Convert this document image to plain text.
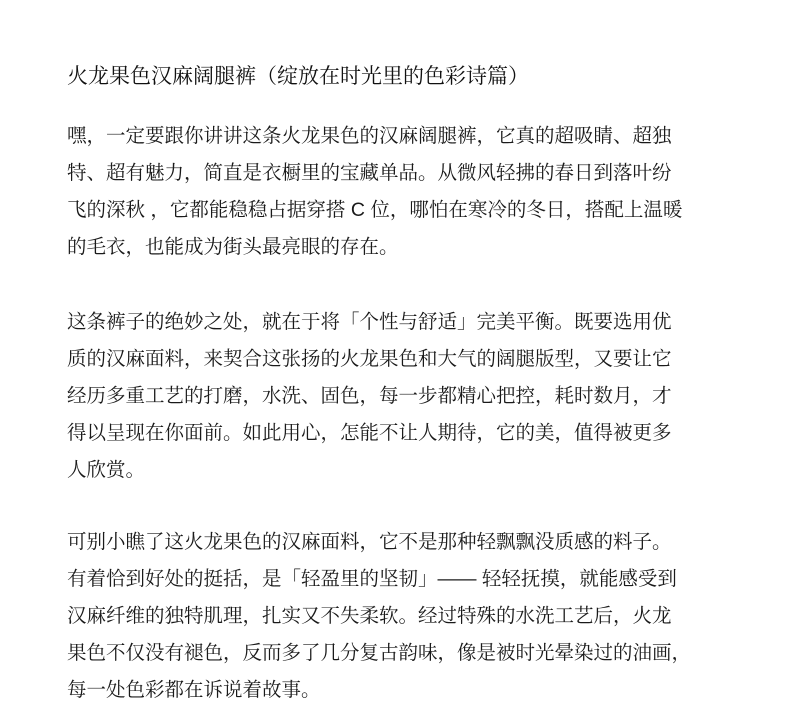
火龙果色汉麻阔腿裤（绽放在时光里的色彩诗篇）
嘿，一定要跟你讲讲这条火龙果色的汉麻阔腿裤，它真的超吸睛、超独
特、超有魅力，简直是衣橱里的宝藏单品。从微风轻拂的春日到落叶纷
飞的深秋 ，它都能稳稳占据穿搭 C 位，哪怕在寒冷的冬日，搭配上温暖
的毛衣，也能成为街头最亮眼的存在。
这条裤子的绝妙之处，就在于将「个性与舒适」完美平衡。既要选用优
质的汉麻面料，来契合这张扬的火龙果色和大气的阔腿版型，又要让它
经历多重工艺的打磨，水洗、固色，每一步都精心把控，耗时数月，才
得以呈现在你面前。如此用心，怎能不让人期待，它的美，值得被更多
人欣赏。
可别小瞧了这火龙果色的汉麻面料，它不是那种轻飘飘没质感的料子。
有着恰到好处的挺括，是「轻盈里的坚韧」—— 轻轻抚摸，就能感受到
汉麻纤维的独特肌理，扎实又不失柔软。经过特殊的水洗工艺后，火龙
果色不仅没有褪色，反而多了几分复古韵味，像是被时光晕染过的油画，
每一处色彩都在诉说着故事。
